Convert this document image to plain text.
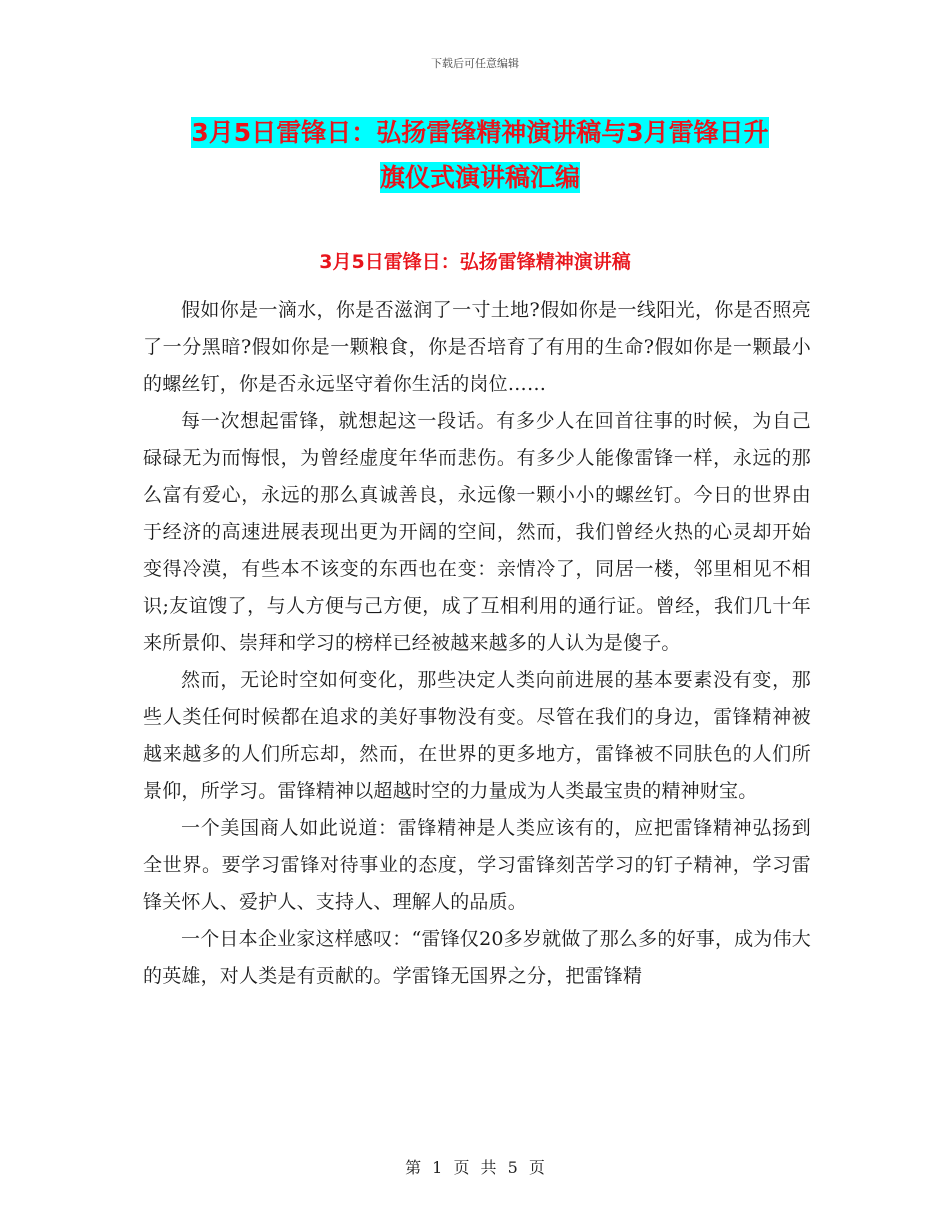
下载后可任意编辑
3月5日雷锋日：弘扬雷锋精神演讲稿与3月雷锋日升
旗仪式演讲稿汇编
3月5日雷锋日：弘扬雷锋精神演讲稿

假如你是一滴水，你是否滋润了一寸土地?假如你是一线阳光，你是否照亮了一分黑暗?假如你是一颗粮食，你是否培育了有用的生命?假如你是一颗最小的螺丝钉，你是否永远坚守着你生活的岗位……

每一次想起雷锋，就想起这一段话。有多少人在回首往事的时候，为自己碌碌无为而悔恨，为曾经虚度年华而悲伤。有多少人能像雷锋一样，永远的那么富有爱心，永远的那么真诚善良，永远像一颗小小的螺丝钉。今日的世界由于经济的高速进展表现出更为开阔的空间，然而，我们曾经火热的心灵却开始变得冷漠，有些本不该变的东西也在变：亲情冷了，同居一楼，邻里相见不相识;友谊馊了，与人方便与己方便，成了互相利用的通行证。曾经，我们几十年来所景仰、崇拜和学习的榜样已经被越来越多的人认为是傻子。

然而，无论时空如何变化，那些决定人类向前进展的基本要素没有变，那些人类任何时候都在追求的美好事物没有变。尽管在我们的身边，雷锋精神被越来越多的人们所忘却，然而，在世界的更多地方，雷锋被不同肤色的人们所景仰，所学习。雷锋精神以超越时空的力量成为人类最宝贵的精神财宝。

一个美国商人如此说道：雷锋精神是人类应该有的，应把雷锋精神弘扬到全世界。要学习雷锋对待事业的态度，学习雷锋刻苦学习的钉子精神，学习雷锋关怀人、爱护人、支持人、理解人的品质。

一个日本企业家这样感叹：“雷锋仅20多岁就做了那么多的好事，成为伟大的英雄，对人类是有贡献的。学雷锋无国界之分，把雷锋精

第 1 页 共 5 页
